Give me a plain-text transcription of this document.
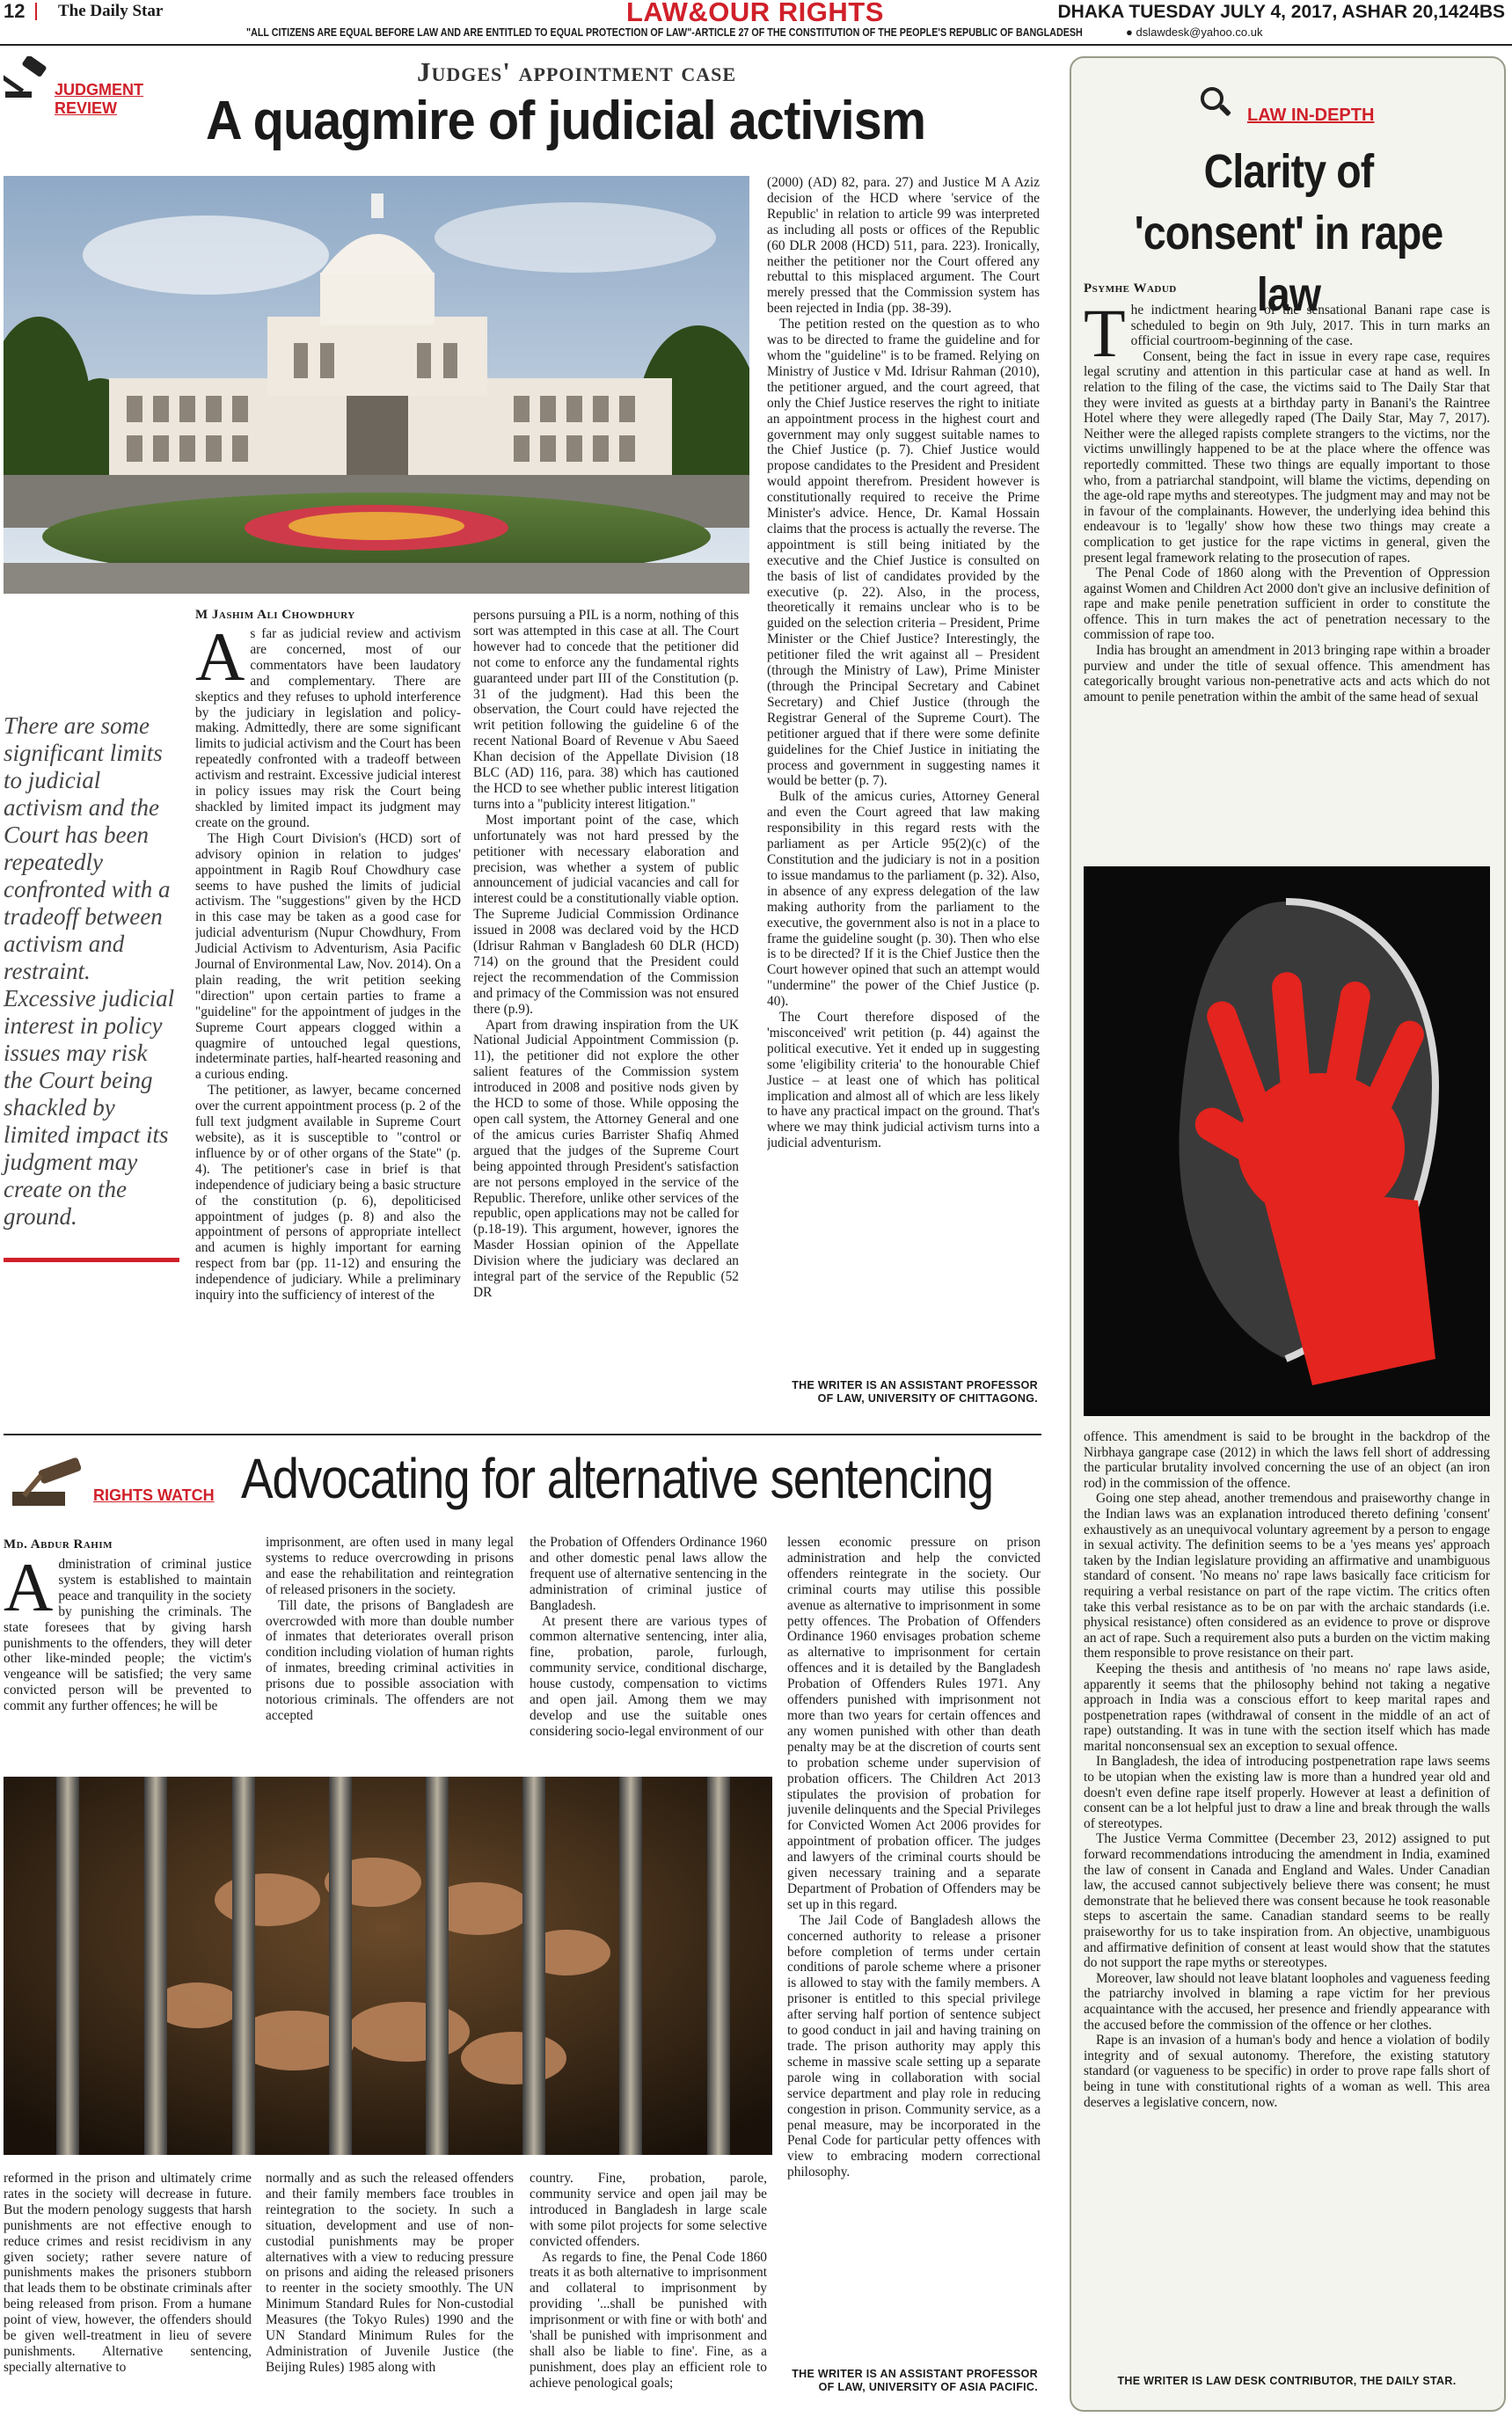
12 The Daily Star	LAW&OUR RIGHTS	DHAKA TUESDAY JULY 4, 2017, ASHAR 20,1424BS
"ALL CITIZENS ARE EQUAL BEFORE LAW AND ARE ENTITLED TO EQUAL PROTECTION OF LAW"-ARTICLE 27 OF THE CONSTITUTION OF THE PEOPLE'S REPUBLIC OF BANGLADESH	● dslawdesk@yahoo.co.uk
JUDGMENT REVIEW
Judges' appointment case
A quagmire of judicial activism
There are some significant limits to judicial activism and the Court has been repeatedly confronted with a tradeoff between activism and restraint. Excessive judicial interest in policy issues may risk the Court being shackled by limited impact its judgment may create on the ground.
M Jashim Ali Chowdhury

As far as judicial review and activism are concerned, most of our commentators have been laudatory and complementary. There are skeptics and they refuses to uphold interference by the judiciary in legislation and policy-making. Admittedly, there are some significant limits to judicial activism and the Court has been repeatedly confronted with a tradeoff between activism and restraint. Excessive judicial interest in policy issues may risk the Court being shackled by limited impact its judgment may create on the ground.

The High Court Division's (HCD) sort of advisory opinion in relation to judges' appointment in Ragib Rouf Chowdhury case seems to have pushed the limits of judicial activism. The "suggestions" given by the HCD in this case may be taken as a good case for judicial adventurism (Nupur Chowdhury, From Judicial Activism to Adventurism, Asia Pacific Journal of Environmental Law, Nov. 2014). On a plain reading, the writ petition seeking "direction" upon certain parties to frame a "guideline" for the appointment of judges in the Supreme Court appears clogged within a quagmire of untouched legal questions, indeterminate parties, half-hearted reasoning and a curious ending.

The petitioner, as lawyer, became concerned over the current appointment process (p. 2 of the full text judgment available in Supreme Court website), as it is susceptible to "control or influence by or of other organs of the State" (p. 4). The petitioner's case in brief is that independence of judiciary being a basic structure of the constitution (p. 6), depoliticised appointment of judges (p. 8) and also the appointment of persons of appropriate intellect and acumen is highly important for earning respect from bar (pp. 11-12) and ensuring the independence of judiciary. While a preliminary inquiry into the sufficiency of interest of the

persons pursuing a PIL is a norm, nothing of this sort was attempted in this case at all. The Court however had to concede that the petitioner did not come to enforce any the fundamental rights guaranteed under part III of the Constitution (p. 31 of the judgment). Had this been the observation, the Court could have rejected the writ petition following the guideline 6 of the recent National Board of Revenue v Abu Saeed Khan decision of the Appellate Division (18 BLC (AD) 116, para. 38) which has cautioned the HCD to see whether public interest litigation turns into a "publicity interest litigation."

Most important point of the case, which unfortunately was not hard pressed by the petitioner with necessary elaboration and precision, was whether a system of public announcement of judicial vacancies and call for interest could be a constitutionally viable option. The Supreme Judicial Commission Ordinance issued in 2008 was declared void by the HCD (Idrisur Rahman v Bangladesh 60 DLR (HCD) 714) on the ground that the President could reject the recommendation of the Commission and primacy of the Commission was not ensured there (p.9).

Apart from drawing inspiration from the UK National Judicial Appointment Commission (p. 11), the petitioner did not explore the other salient features of the Commission system introduced in 2008 and positive nods given by the HCD to some of those. While opposing the open call system, the Attorney General and one of the amicus curies Barrister Shafiq Ahmed argued that the judges of the Supreme Court being appointed through President's satisfaction are not persons employed in the service of the Republic. Therefore, unlike other services of the republic, open applications may not be called for (p.18-19). This argument, however, ignores the Masder Hossian opinion of the Appellate Division where the judiciary was declared an integral part of the service of the Republic (52 DR

(2000) (AD) 82, para. 27) and Justice M A Aziz decision of the HCD where 'service of the Republic' in relation to article 99 was interpreted as including all posts or offices of the Republic (60 DLR 2008 (HCD) 511, para. 223). Ironically, neither the petitioner nor the Court offered any rebuttal to this misplaced argument. The Court merely pressed that the Commission system has been rejected in India (pp. 38-39).

The petition rested on the question as to who was to be directed to frame the guideline and for whom the "guideline" is to be framed. Relying on Ministry of Justice v Md. Idrisur Rahman (2010), the petitioner argued, and the court agreed, that only the Chief Justice reserves the right to initiate an appointment process in the highest court and government may only suggest suitable names to the Chief Justice (p. 7). Chief Justice would propose candidates to the President and President would appoint therefrom. President however is constitutionally required to receive the Prime Minister's advice. Hence, Dr. Kamal Hossain claims that the process is actually the reverse. The appointment is still being initiated by the executive and the Chief Justice is consulted on the basis of list of candidates provided by the executive (p. 22). Also, in the process, theoretically it remains unclear who is to be guided on the selection criteria – President, Prime Minister or the Chief Justice? Interestingly, the petitioner filed the writ against all – President (through the Ministry of Law), Prime Minister (through the Principal Secretary and Cabinet Secretary) and Chief Justice (through the Registrar General of the Supreme Court). The petitioner argued that if there were some definite guidelines for the Chief Justice in initiating the process and government in suggesting names it would be better (p. 7).

Bulk of the amicus curies, Attorney General and even the Court agreed that law making responsibility in this regard rests with the parliament as per Article 95(2)(c) of the Constitution and the judiciary is not in a position to issue mandamus to the parliament (p. 32). Also, in absence of any express delegation of the law making authority from the parliament to the executive, the government also is not in a place to frame the guideline sought (p. 30). Then who else is to be directed? If it is the Chief Justice then the Court however opined that such an attempt would "undermine" the power of the Chief Justice (p. 40).

The Court therefore disposed of the 'misconceived' writ petition (p. 44) against the political executive. Yet it ended up in suggesting some 'eligibility criteria' to the honourable Chief Justice – at least one of which has political implication and almost all of which are less likely to have any practical impact on the ground. That's where we may think judicial activism turns into a judicial adventurism.

THE WRITER IS AN ASSISTANT PROFESSOR OF LAW, UNIVERSITY OF CHITTAGONG.
RIGHTS WATCH Advocating for alternative sentencing
Md. Abdur Rahim

Administration of criminal justice system is established to maintain peace and tranquility in the society by punishing the criminals. The state foresees that by giving harsh punishments to the offenders, they will deter other like-minded people; the victim's vengeance will be satisfied; the very same convicted person will be prevented to commit any further offences; he will be

imprisonment, are often used in many legal systems to reduce overcrowding in prisons and ease the rehabilitation and reintegration of released prisoners in the society.

Till date, the prisons of Bangladesh are overcrowded with more than double number of inmates that deteriorates overall prison condition including violation of human rights of inmates, breeding criminal activities in prisons due to possible association with notorious criminals. The offenders are not accepted

the Probation of Offenders Ordinance 1960 and other domestic penal laws allow the frequent use of alternative sentencing in the administration of criminal justice of Bangladesh.

At present there are various types of common alternative sentencing, inter alia, fine, probation, parole, furlough, community service, conditional discharge, house custody, compensation to victims and open jail. Among them we may develop and use the suitable ones considering socio-legal environment of our

lessen economic pressure on prison administration and help the convicted offenders reintegrate in the society. Our criminal courts may utilise this possible avenue as alternative to imprisonment in some petty offences. The Probation of Offenders Ordinance 1960 envisages probation scheme as alternative to imprisonment for certain offences and it is detailed by the Bangladesh Probation of Offenders Rules 1971. Any offenders punished with imprisonment not more than two years for certain offences and any women punished with other than death penalty may be at the discretion of courts sent to probation scheme under supervision of probation officers. The Children Act 2013 stipulates the provision of probation for juvenile delinquents and the Special Privileges for Convicted Women Act 2006 provides for appointment of probation officer. The judges and lawyers of the criminal courts should be given necessary training and a separate Department of Probation of Offenders may be set up in this regard.

The Jail Code of Bangladesh allows the concerned authority to release a prisoner before completion of terms under certain conditions of parole scheme where a prisoner is allowed to stay with the family members. A prisoner is entitled to this special privilege after serving half portion of sentence subject to good conduct in jail and having training on trade. The prison authority may apply this scheme in massive scale setting up a separate parole wing in collaboration with social service department and play role in reducing congestion in prison. Community service, as a penal measure, may be incorporated in the Penal Code for particular petty offences with view to embracing modern correctional philosophy.

reformed in the prison and ultimately crime rates in the society will decrease in future. But the modern penology suggests that harsh punishments are not effective enough to reduce crimes and resist recidivism in any given society; rather severe nature of punishments makes the prisoners stubborn that leads them to be obstinate criminals after being released from prison. From a humane point of view, however, the offenders should be given well-treatment in lieu of severe punishments. Alternative sentencing, specially alternative to

normally and as such the released offenders and their family members face troubles in reintegration to the society. In such a situation, development and use of non-custodial punishments may be proper alternatives with a view to reducing pressure on prisons and aiding the released prisoners to reenter in the society smoothly. The UN Minimum Standard Rules for Non-custodial Measures (the Tokyo Rules) 1990 and the UN Standard Minimum Rules for the Administration of Juvenile Justice (the Beijing Rules) 1985 along with

country. Fine, probation, parole, community service and open jail may be introduced in Bangladesh in large scale with some pilot projects for some selective convicted offenders.

As regards to fine, the Penal Code 1860 treats it as both alternative to imprisonment and collateral to imprisonment by providing '...shall be punished with imprisonment or with fine or with both' and 'shall be punished with imprisonment and shall also be liable to fine'. Fine, as a punishment, does play an efficient role to achieve penological goals;

THE WRITER IS AN ASSISTANT PROFESSOR OF LAW, UNIVERSITY OF ASIA PACIFIC.
LAW IN-DEPTH
Clarity of 'consent' in rape law
Psymhe Wadud

The indictment hearing of the sensational Banani rape case is scheduled to begin on 9th July, 2017. This in turn marks an official courtroom-beginning of the case.

Consent, being the fact in issue in every rape case, requires legal scrutiny and attention in this particular case at hand as well. In relation to the filing of the case, the victims said to The Daily Star that they were invited as guests at a birthday party in Banani's the Raintree Hotel where they were allegedly raped (The Daily Star, May 7, 2017). Neither were the alleged rapists complete strangers to the victims, nor the victims unwillingly happened to be at the place where the offence was reportedly committed. These two things are equally important to those who, from a patriarchal standpoint, will blame the victims, depending on the age-old rape myths and stereotypes. The judgment may and may not be in favour of the complainants. However, the underlying idea behind this endeavour is to 'legally' show how these two things may create a complication to get justice for the rape victims in general, given the present legal framework relating to the prosecution of rapes.

The Penal Code of 1860 along with the Prevention of Oppression against Women and Children Act 2000 don't give an inclusive definition of rape and make penile penetration sufficient in order to constitute the offence. This in turn makes the act of penetration necessary to the commission of rape too.

India has brought an amendment in 2013 bringing rape within a broader purview and under the title of sexual offence. This amendment has categorically brought various non-penetrative acts and acts which do not amount to penile penetration within the ambit of the same head of sexual

offence. This amendment is said to be brought in the backdrop of the Nirbhaya gangrape case (2012) in which the laws fell short of addressing the particular brutality involved concerning the use of an object (an iron rod) in the commission of the offence.

Going one step ahead, another tremendous and praiseworthy change in the Indian laws was an explanation introduced thereto defining 'consent' exhaustively as an unequivocal voluntary agreement by a person to engage in sexual activity. The definition seems to be a 'yes means yes' approach taken by the Indian legislature providing an affirmative and unambiguous standard of consent. 'No means no' rape laws basically face criticism for requiring a verbal resistance on part of the rape victim. The critics often take this verbal resistance as to be on par with the archaic standards (i.e. physical resistance) often considered as an evidence to prove or disprove an act of rape. Such a requirement also puts a burden on the victim making them responsible to prove resistance on their part.

Keeping the thesis and antithesis of 'no means no' rape laws aside, apparently it seems that the philosophy behind not taking a negative approach in India was a conscious effort to keep marital rapes and postpenetration rapes (withdrawal of consent in the middle of an act of rape) outstanding. It was in tune with the section itself which has made marital nonconsensual sex an exception to sexual offence.

In Bangladesh, the idea of introducing postpenetration rape laws seems to be utopian when the existing law is more than a hundred year old and doesn't even define rape itself properly. However at least a definition of consent can be a lot helpful just to draw a line and break through the walls of stereotypes.

The Justice Verma Committee (December 23, 2012) assigned to put forward recommendations introducing the amendment in India, examined the law of consent in Canada and England and Wales. Under Canadian law, the accused cannot subjectively believe there was consent; he must demonstrate that he believed there was consent because he took reasonable steps to ascertain the same. Canadian standard seems to be really praiseworthy for us to take inspiration from. An objective, unambiguous and affirmative definition of consent at least would show that the statutes do not support the rape myths or stereotypes.

Moreover, law should not leave blatant loopholes and vagueness feeding the patriarchy involved in blaming a rape victim for her previous acquaintance with the accused, her presence and friendly appearance with the accused before the commission of the offence or her clothes.

Rape is an invasion of a human's body and hence a violation of bodily integrity and of sexual autonomy. Therefore, the existing statutory standard (or vagueness to be specific) in order to prove rape falls short of being in tune with constitutional rights of a woman as well. This area deserves a legislative concern, now.

THE WRITER IS LAW DESK CONTRIBUTOR, THE DAILY STAR.
